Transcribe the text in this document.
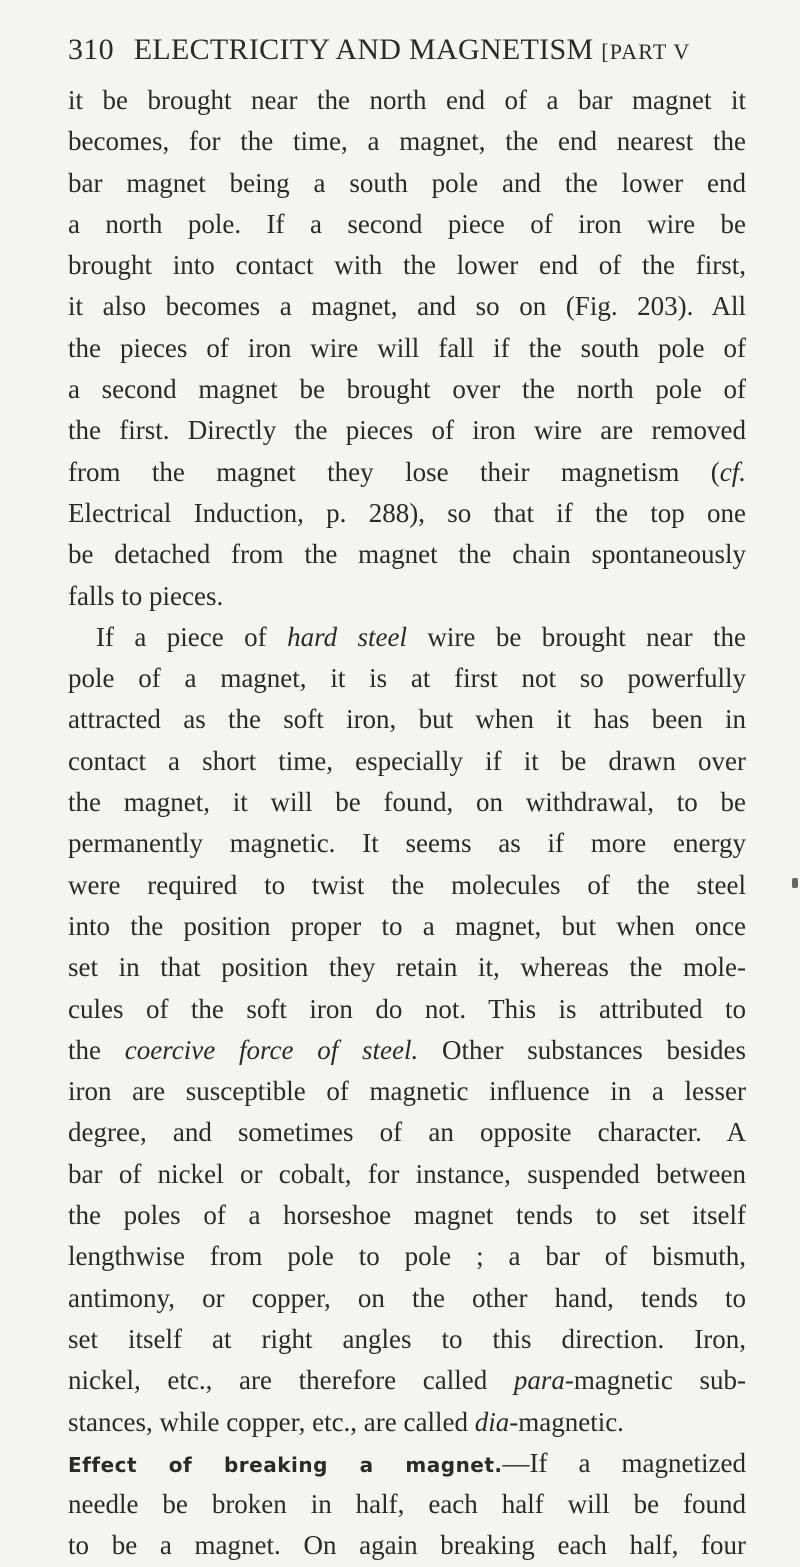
310 ELECTRICITY AND MAGNETISM [PART V
it be brought near the north end of a bar magnet it
becomes, for the time, a magnet, the end nearest the
bar magnet being a south pole and the lower end
a north pole. If a second piece of iron wire be
brought into contact with the lower end of the first,
it also becomes a magnet, and so on (Fig. 203). All
the pieces of iron wire will fall if the south pole of
a second magnet be brought over the north pole of
the first. Directly the pieces of iron wire are removed
from the magnet they lose their magnetism (cf.
Electrical Induction, p. 288), so that if the top one
be detached from the magnet the chain spontaneously
falls to pieces.
If a piece of hard steel wire be brought near the
pole of a magnet, it is at first not so powerfully
attracted as the soft iron, but when it has been in
contact a short time, especially if it be drawn over
the magnet, it will be found, on withdrawal, to be
permanently magnetic. It seems as if more energy
were required to twist the molecules of the steel
into the position proper to a magnet, but when once
set in that position they retain it, whereas the mole-
cules of the soft iron do not. This is attributed to
the coercive force of steel. Other substances besides
iron are susceptible of magnetic influence in a lesser
degree, and sometimes of an opposite character. A
bar of nickel or cobalt, for instance, suspended between
the poles of a horseshoe magnet tends to set itself
lengthwise from pole to pole ; a bar of bismuth,
antimony, or copper, on the other hand, tends to
set itself at right angles to this direction. Iron,
nickel, etc., are therefore called para-magnetic sub-
stances, while copper, etc., are called dia-magnetic.
Effect of breaking a magnet.—If a magnetized
needle be broken in half, each half will be found
to be a magnet. On again breaking each half, four
